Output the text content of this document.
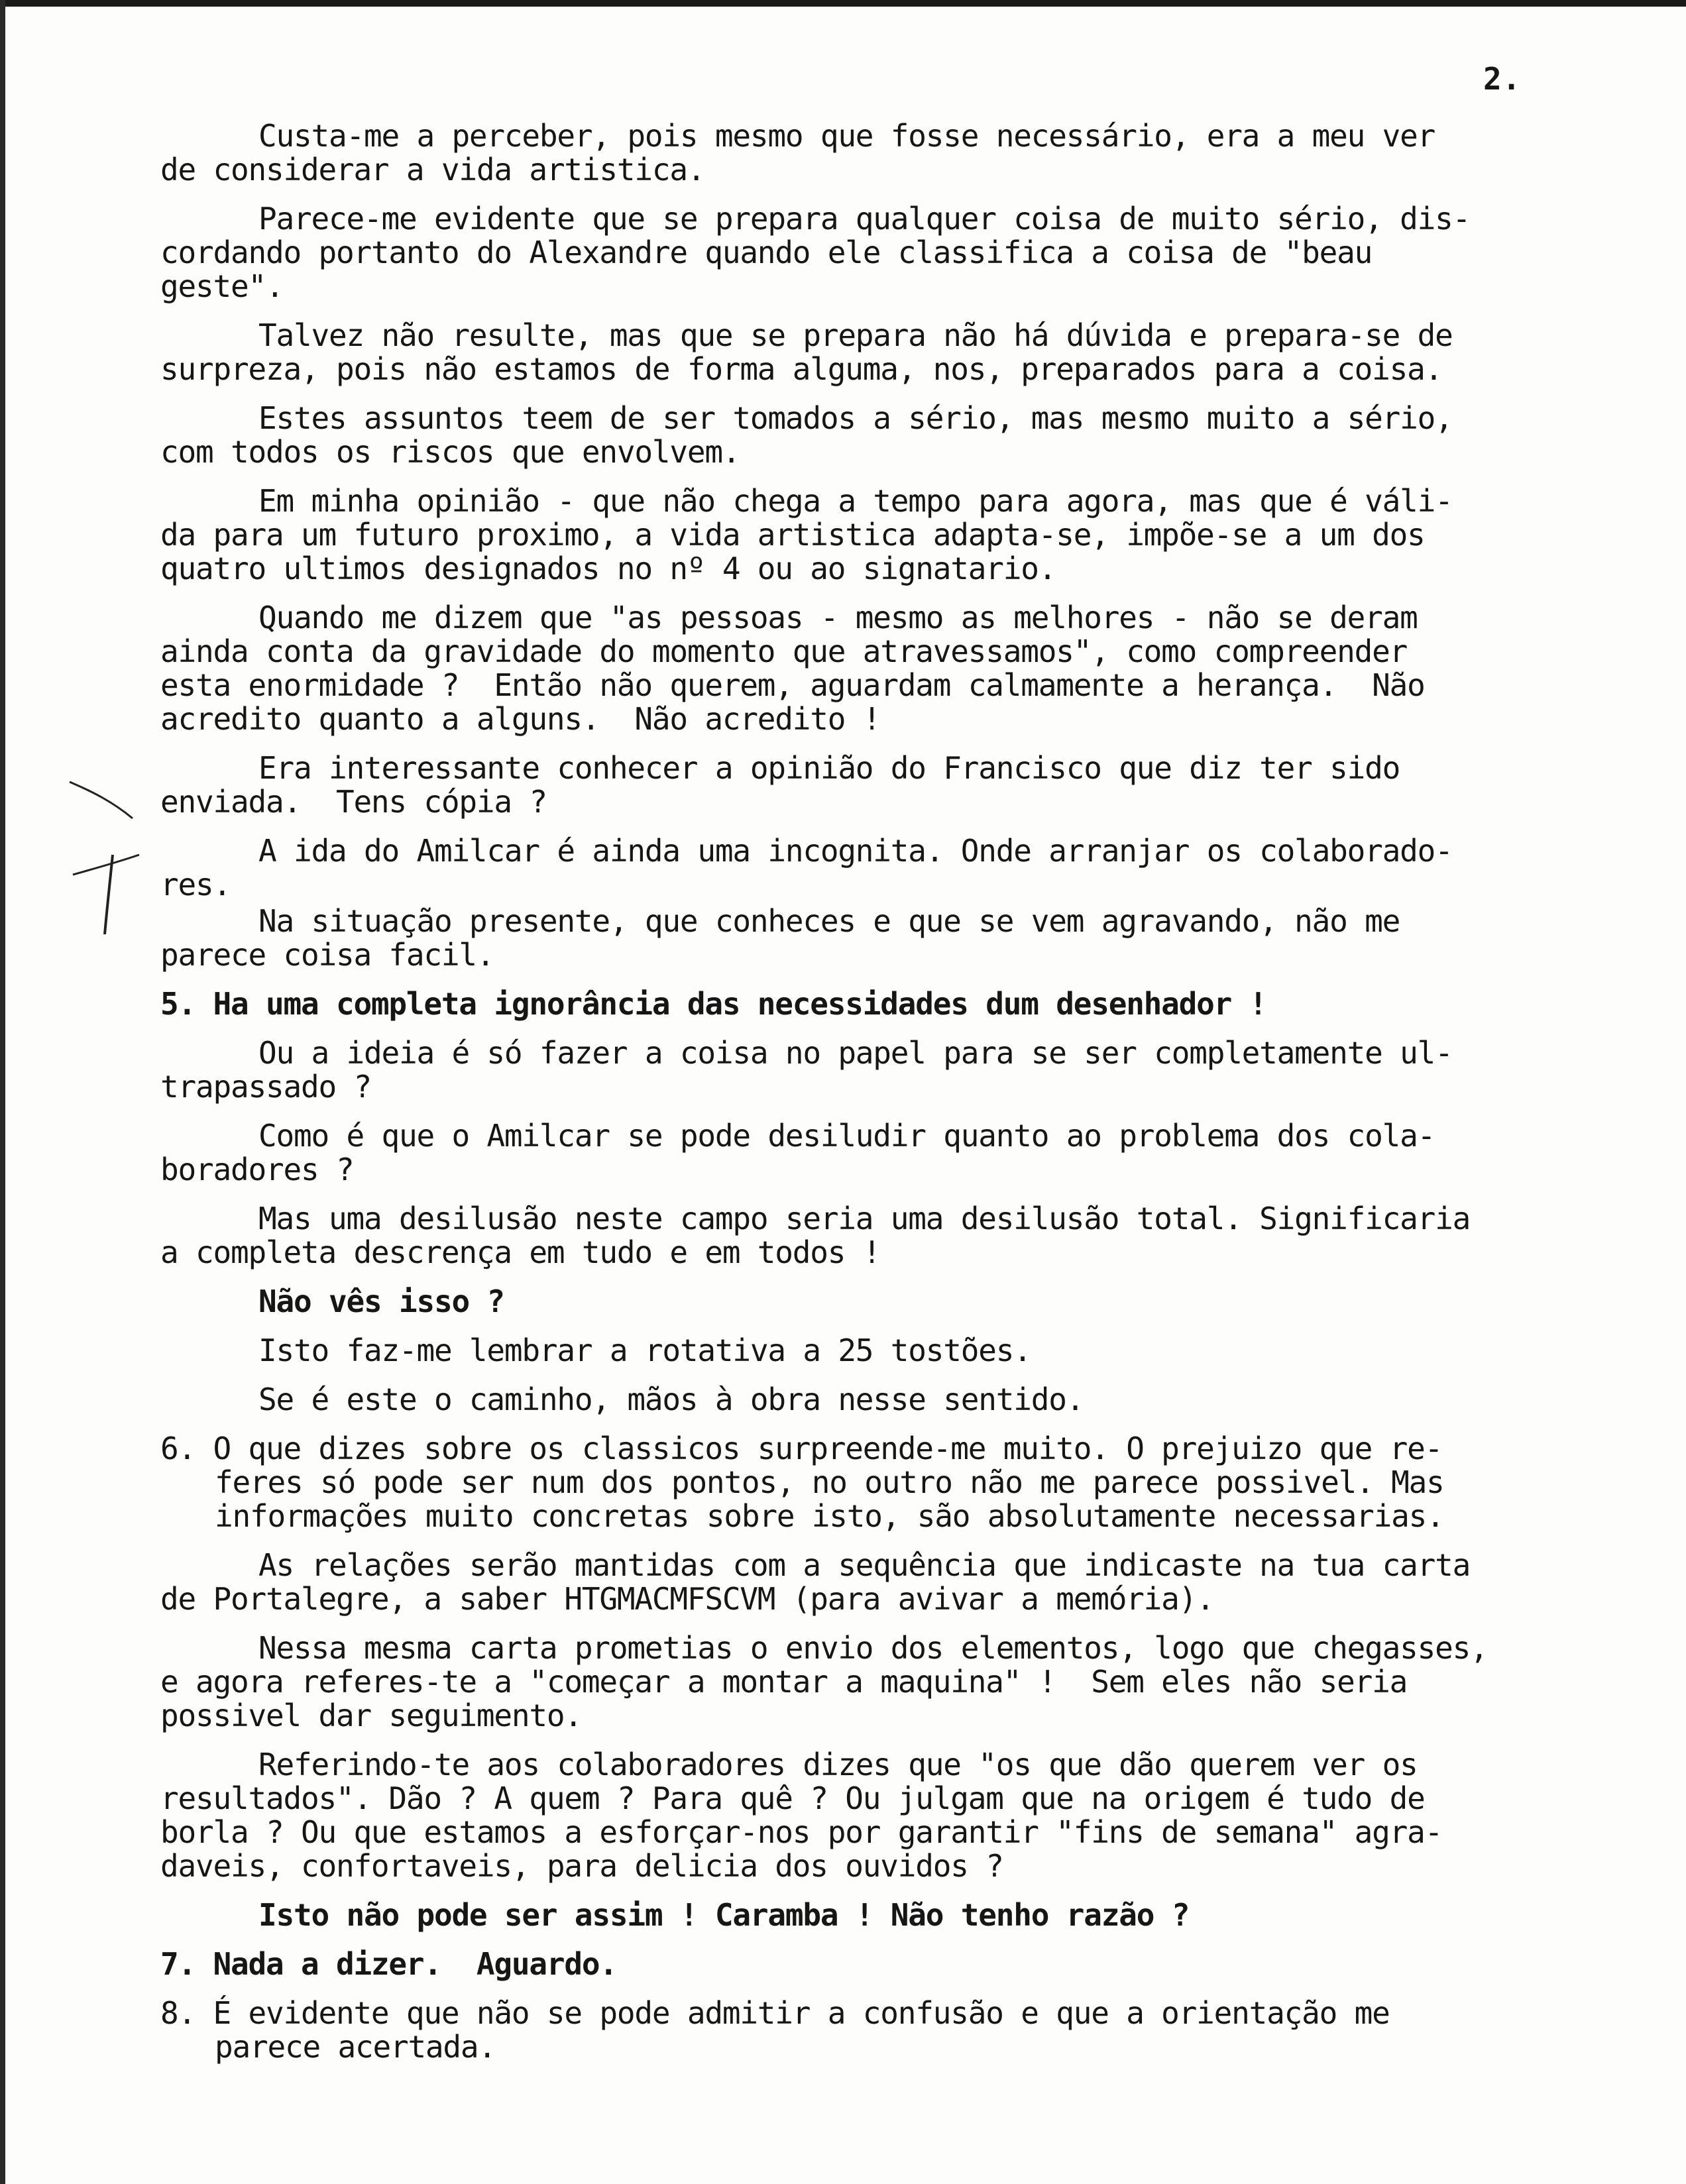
2.

Custa-me a perceber, pois mesmo que fosse necessário, era a meu ver
de considerar a vida artistica.

Parece-me evidente que se prepara qualquer coisa de muito sério, dis-
cordando portanto do Alexandre quando ele classifica a coisa de "beau
geste".

Talvez não resulte, mas que se prepara não há dúvida e prepara-se de
surpreza, pois não estamos de forma alguma, nos, preparados para a coisa.

Estes assuntos teem de ser tomados a sério, mas mesmo muito a sério,
com todos os riscos que envolvem.

Em minha opinião - que não chega a tempo para agora, mas que é váli-
da para um futuro proximo, a vida artistica adapta-se, impõe-se a um dos
quatro ultimos designados no nº 4 ou ao signatario.

Quando me dizem que "as pessoas - mesmo as melhores - não se deram
ainda conta da gravidade do momento que atravessamos", como compreender
esta enormidade ?  Então não querem, aguardam calmamente a herança.  Não
acredito quanto a alguns.  Não acredito !

Era interessante conhecer a opinião do Francisco que diz ter sido
enviada.  Tens cópia ?

A ida do Amilcar é ainda uma incognita. Onde arranjar os colaborado-
res.

Na situação presente, que conheces e que se vem agravando, não me
parece coisa facil.

5. Ha uma completa ignorância das necessidades dum desenhador !

Ou a ideia é só fazer a coisa no papel para se ser completamente ul-
trapassado ?

Como é que o Amilcar se pode desiludir quanto ao problema dos cola-
boradores ?

Mas uma desilusão neste campo seria uma desilusão total. Significaria
a completa descrença em tudo e em todos !

Não vês isso ?

Isto faz-me lembrar a rotativa a 25 tostões.

Se é este o caminho, mãos à obra nesse sentido.

6. O que dizes sobre os classicos surpreende-me muito. O prejuizo que re-
feres só pode ser num dos pontos, no outro não me parece possivel. Mas
informações muito concretas sobre isto, são absolutamente necessarias.

As relações serão mantidas com a sequência que indicaste na tua carta
de Portalegre, a saber HTGMACMFSCVM (para avivar a memória).

Nessa mesma carta prometias o envio dos elementos, logo que chegasses,
e agora referes-te a "começar a montar a maquina" !  Sem eles não seria
possivel dar seguimento.

Referindo-te aos colaboradores dizes que "os que dão querem ver os
resultados". Dão ? A quem ? Para quê ? Ou julgam que na origem é tudo de
borla ? Ou que estamos a esforçar-nos por garantir "fins de semana" agra-
daveis, confortaveis, para delicia dos ouvidos ?

Isto não pode ser assim ! Caramba ! Não tenho razão ?

7. Nada a dizer.  Aguardo.

8. É evidente que não se pode admitir a confusão e que a orientação me
parece acertada.
